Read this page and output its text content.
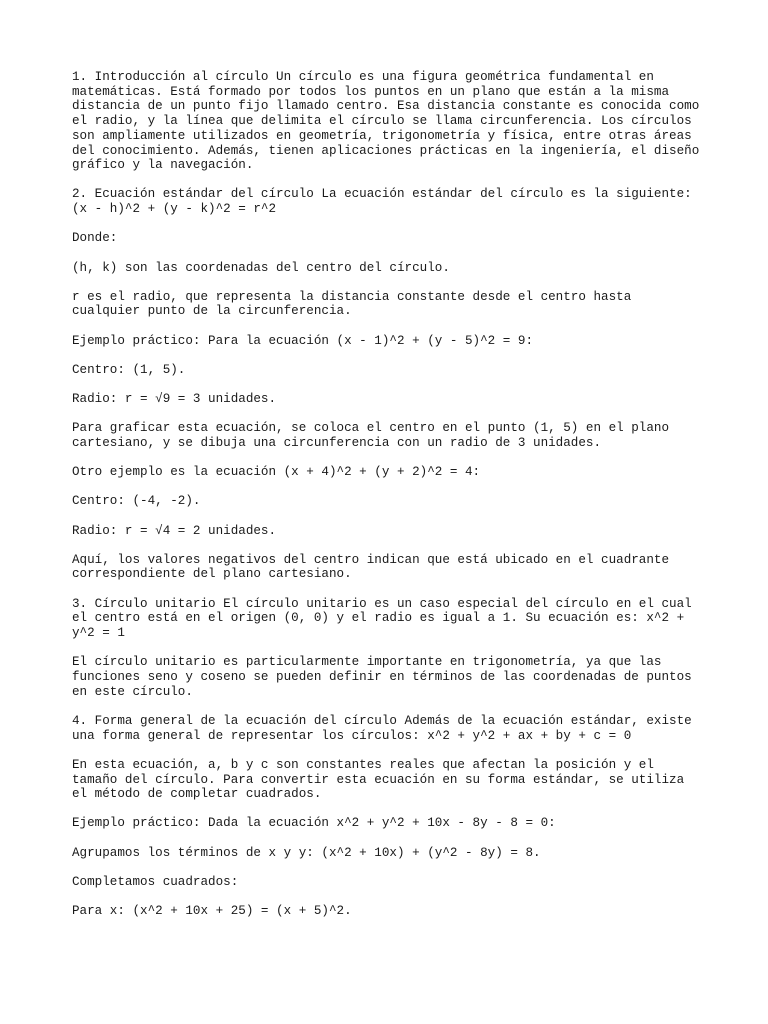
1. Introducción al círculo Un círculo es una figura geométrica fundamental en matemáticas. Está formado por todos los puntos en un plano que están a la misma distancia de un punto fijo llamado centro. Esa distancia constante es conocida como el radio, y la línea que delimita el círculo se llama circunferencia. Los círculos son ampliamente utilizados en geometría, trigonometría y física, entre otras áreas del conocimiento. Además, tienen aplicaciones prácticas en la ingeniería, el diseño gráfico y la navegación.

2. Ecuación estándar del círculo La ecuación estándar del círculo es la siguiente: (x - h)^2 + (y - k)^2 = r^2

Donde:

(h, k) son las coordenadas del centro del círculo.

r es el radio, que representa la distancia constante desde el centro hasta cualquier punto de la circunferencia.

Ejemplo práctico: Para la ecuación (x - 1)^2 + (y - 5)^2 = 9:

Centro: (1, 5).

Radio: r = √9 = 3 unidades.

Para graficar esta ecuación, se coloca el centro en el punto (1, 5) en el plano cartesiano, y se dibuja una circunferencia con un radio de 3 unidades.

Otro ejemplo es la ecuación (x + 4)^2 + (y + 2)^2 = 4:

Centro: (-4, -2).

Radio: r = √4 = 2 unidades.

Aquí, los valores negativos del centro indican que está ubicado en el cuadrante correspondiente del plano cartesiano.

3. Círculo unitario El círculo unitario es un caso especial del círculo en el cual el centro está en el origen (0, 0) y el radio es igual a 1. Su ecuación es: x^2 + y^2 = 1

El círculo unitario es particularmente importante en trigonometría, ya que las funciones seno y coseno se pueden definir en términos de las coordenadas de puntos en este círculo.

4. Forma general de la ecuación del círculo Además de la ecuación estándar, existe una forma general de representar los círculos: x^2 + y^2 + ax + by + c = 0

En esta ecuación, a, b y c son constantes reales que afectan la posición y el tamaño del círculo. Para convertir esta ecuación en su forma estándar, se utiliza el método de completar cuadrados.

Ejemplo práctico: Dada la ecuación x^2 + y^2 + 10x - 8y - 8 = 0:

Agrupamos los términos de x y y: (x^2 + 10x) + (y^2 - 8y) = 8.

Completamos cuadrados:

Para x: (x^2 + 10x + 25) = (x + 5)^2.
